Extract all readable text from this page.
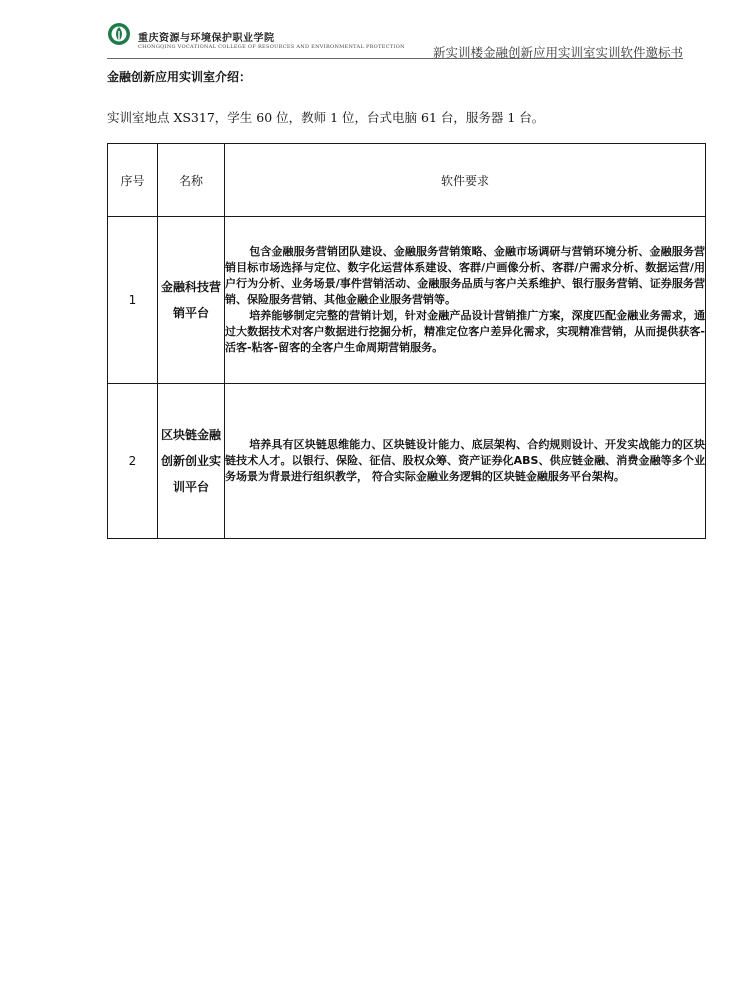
重庆资源与环境保护职业学院
CHONGQING VOCATIONAL COLLEGE OF RESOURCES AND ENVIRONMENTAL PROTECTION 新实训楼金融创新应用实训室实训软件邀标书
金融创新应用实训室介绍：
实训室地点 XS317，学生 60 位，教师 1 位，台式电脑 61 台，服务器 1 台。
序号	名称	软件要求
1	金融科技营销平台	包含金融服务营销团队建设、金融服务营销策略、金融市场调研与营销环境分析、金融服务营销目标市场选择与定位、数字化运营体系建设、客群/户画像分析、客群/户需求分析、数据运营/用户行为分析、业务场景/事件营销活动、金融服务品质与客户关系维护、银行服务营销、证券服务营销、保险服务营销、其他金融企业服务营销等。

培养能够制定完整的营销计划，针对金融产品设计营销推广方案，深度匹配金融业务需求，通过大数据技术对客户数据进行挖掘分析，精准定位客户差异化需求，实现精准营销，从而提供获客-活客-粘客-留客的全客户生命周期营销服务。

2	区块链金融创新创业实训平台	培养具有区块链思维能力、区块链设计能力、底层架构、合约规则设计、开发实战能力的区块链技术人才。以银行、保险、征信、股权众筹、资产证券化ABS、供应链金融、消费金融等多个业务场景为背景进行组织教学， 符合实际金融业务逻辑的区块链金融服务平台架构。
